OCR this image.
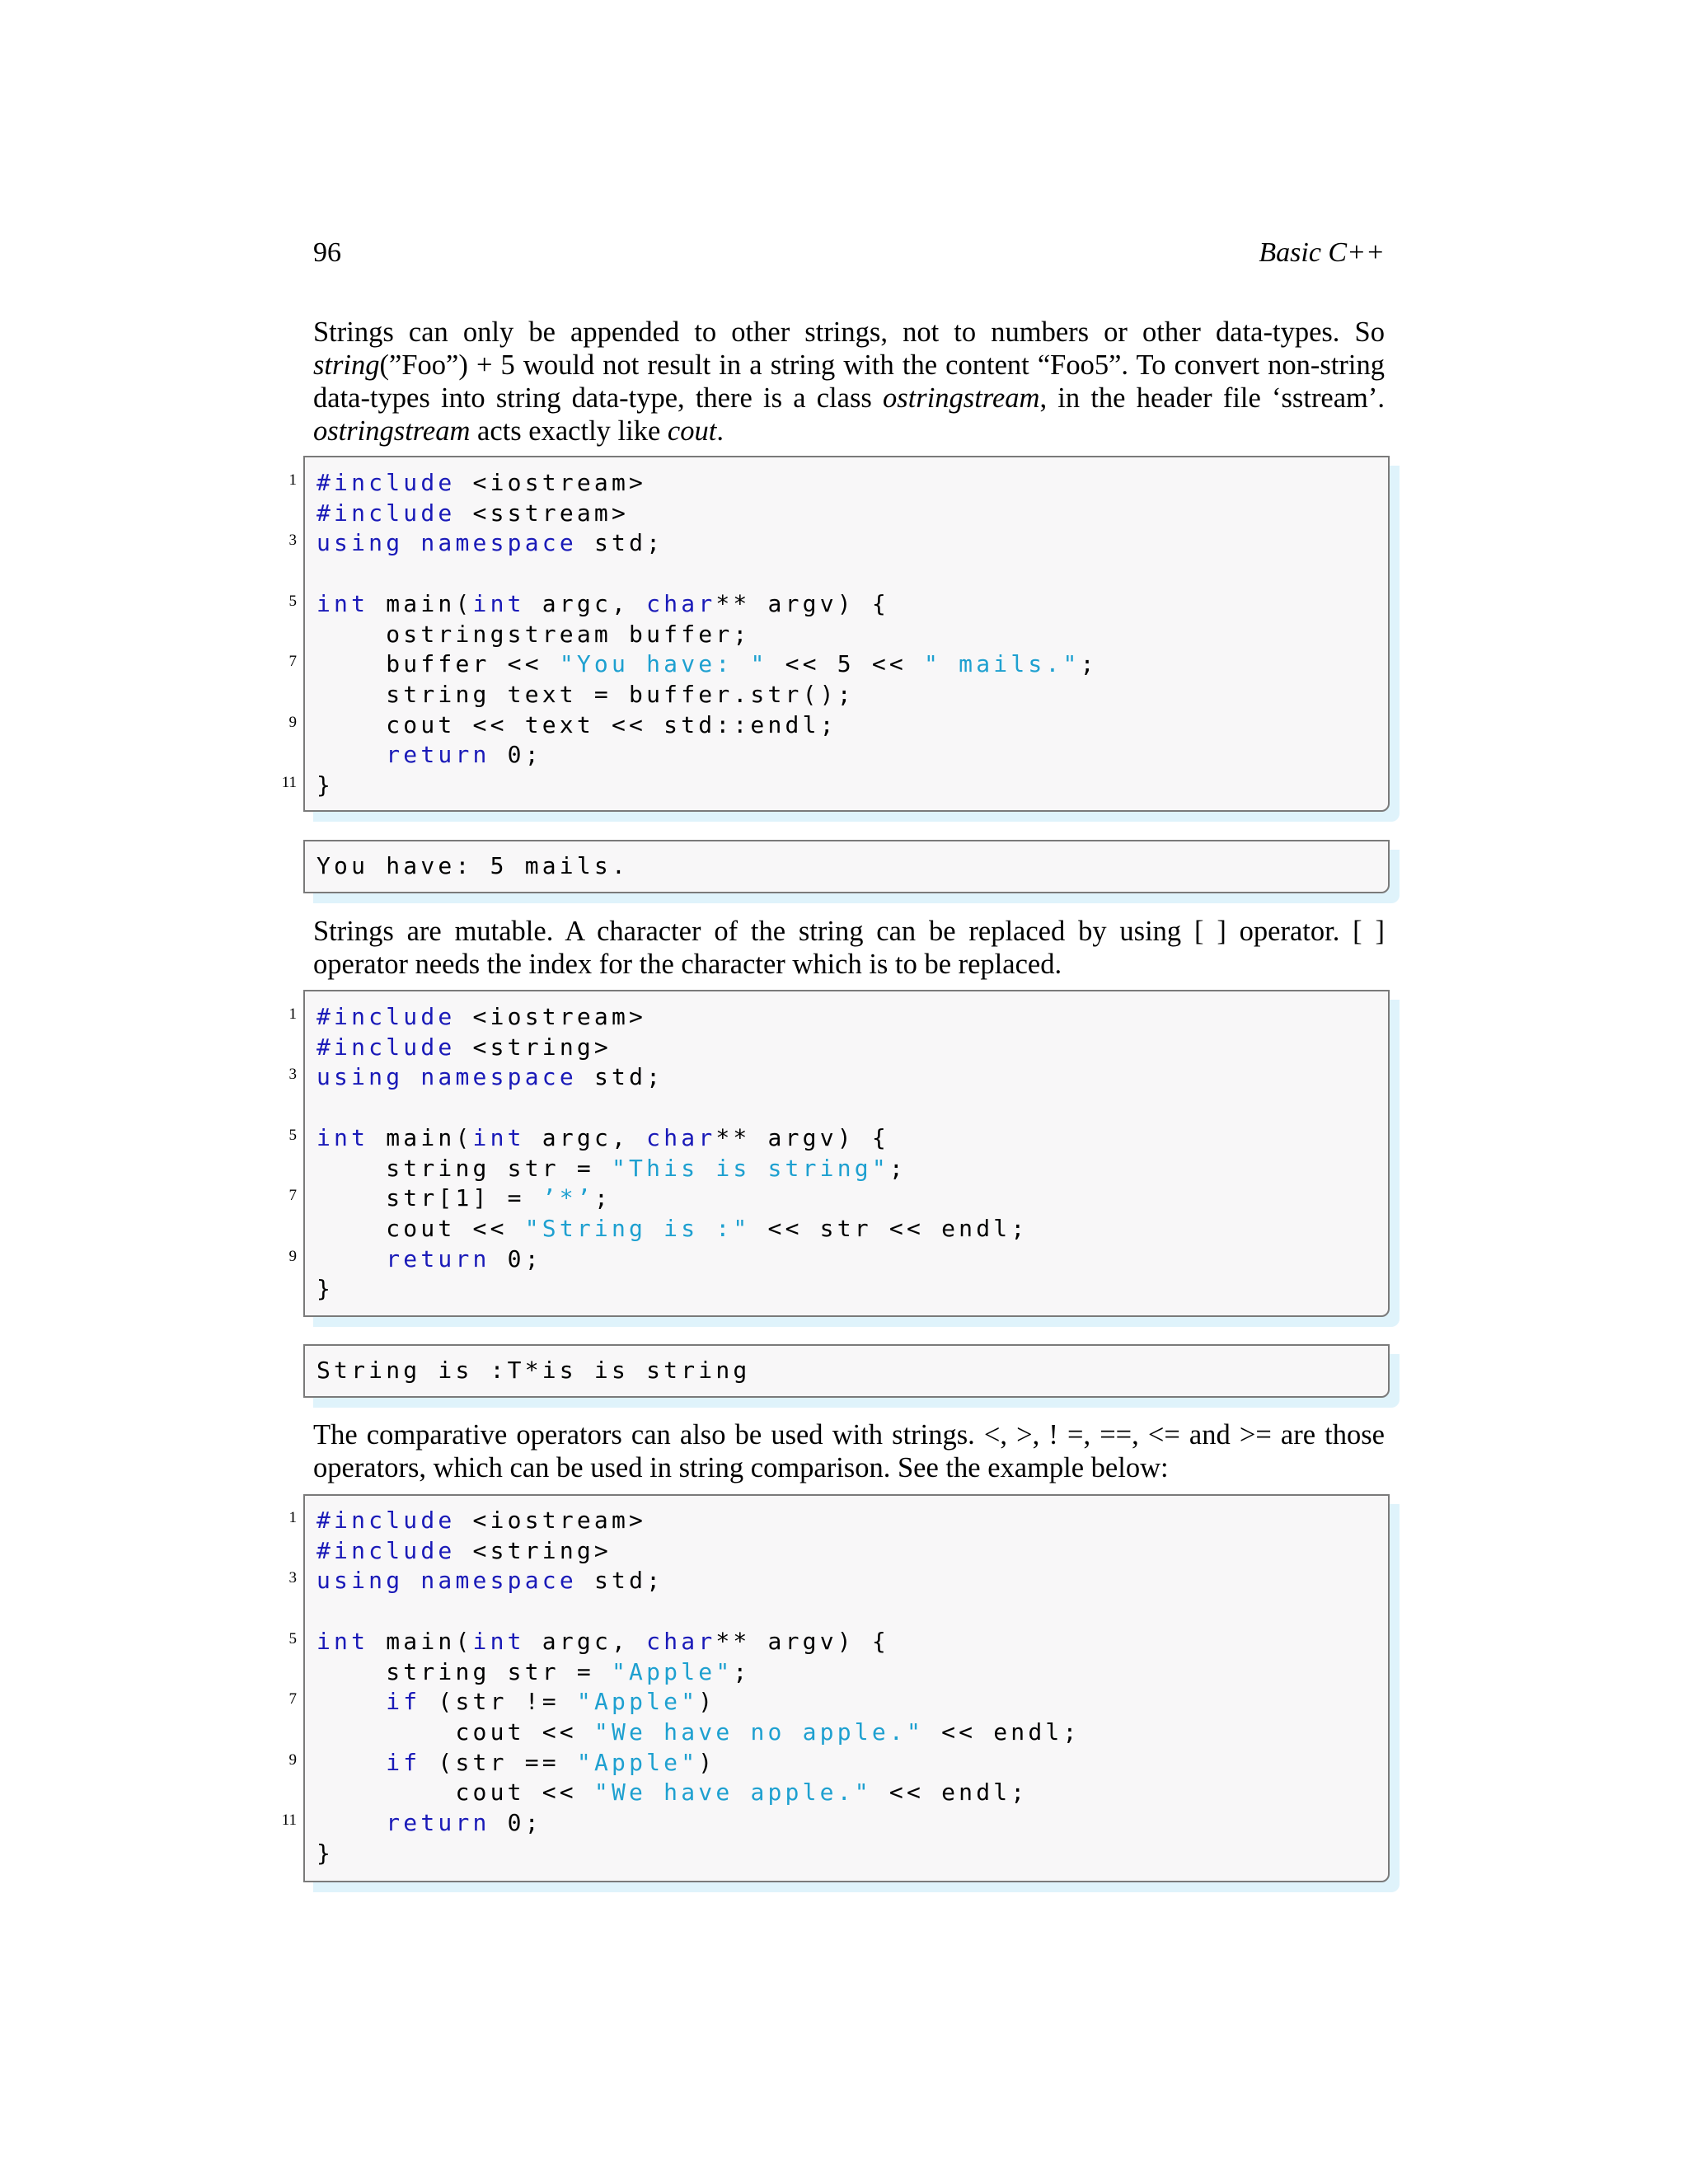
96	Basic C++
Strings can only be appended to other strings, not to numbers or other data-types. So string(”Foo”) + 5 would not result in a string with the content “Foo5”. To convert non-string data-types into string data-type, there is a class ostringstream, in the header file ‘sstream’. ostringstream acts exactly like cout.
#include <iostream>
#include <sstream>
using namespace std;
int main(int argc, char** argv) {
ostringstream buffer;
buffer << "You have: " << 5 << " mails.";
string text = buffer.str();
cout << text << std::endl;
return 0;
}
You have: 5 mails.
Strings are mutable. A character of the string can be replaced by using [ ] operator. [ ] operator needs the index for the character which is to be replaced.
#include <iostream>
#include <string>
using namespace std;
int main(int argc, char** argv) {
string str = "This is string";
str[1] = ’*’;
cout << "String is :" << str << endl;
return 0;
}
String is :T*is is string
The comparative operators can also be used with strings. <, >, ! =, ==, <= and >= are those operators, which can be used in string comparison. See the example below:
#include <iostream>
#include <string>
using namespace std;
int main(int argc, char** argv) {
string str = "Apple";
if (str != "Apple")
cout << "We have no apple." << endl;
if (str == "Apple")
cout << "We have apple." << endl;
return 0;
}
1
3
5
7
9
11
1
3
5
7
9
1
3
5
7
9
11
